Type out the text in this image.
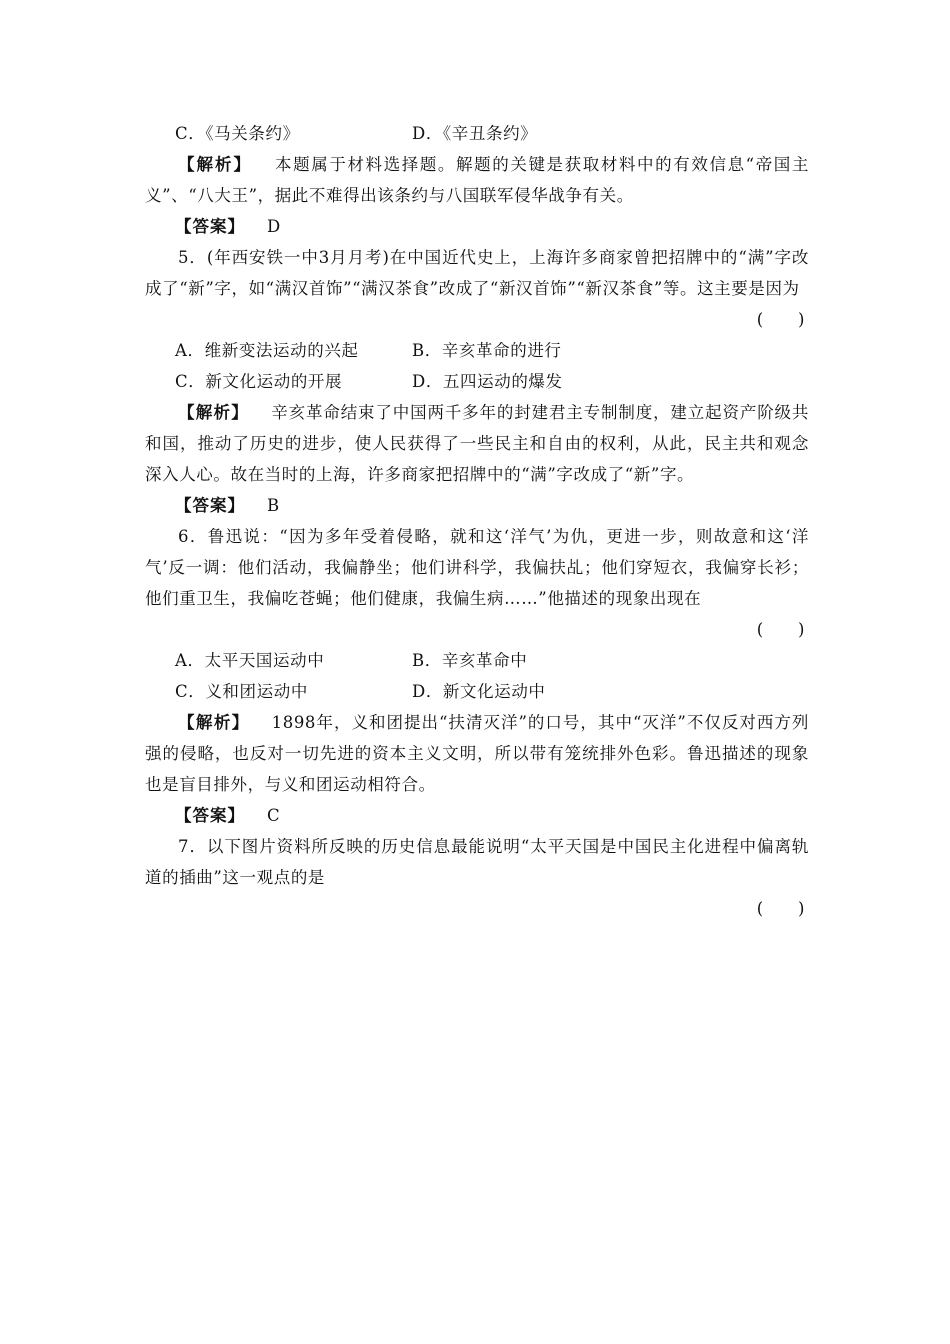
C．《马关条约》	D．《辛丑条约》
【解析】 本题属于材料选择题。解题的关键是获取材料中的有效信息“帝国主义”、“八大王”，据此不难得出该条约与八国联军侵华战争有关。
【答案】 D
5．(年西安铁一中3月月考)在中国近代史上，上海许多商家曾把招牌中的“满”字改成了“新”字，如“满汉首饰”“满汉茶食”改成了“新汉首饰”“新汉茶食”等。这主要是因为
(　　)
A．维新变法运动的兴起	B．辛亥革命的进行
C．新文化运动的开展	D．五四运动的爆发
【解析】 辛亥革命结束了中国两千多年的封建君主专制制度，建立起资产阶级共和国，推动了历史的进步，使人民获得了一些民主和自由的权利，从此，民主共和观念深入人心。故在当时的上海，许多商家把招牌中的“满”字改成了“新”字。
【答案】 B
6．鲁迅说：“因为多年受着侵略，就和这‘洋气’为仇，更进一步，则故意和这‘洋气’反一调：他们活动，我偏静坐；他们讲科学，我偏扶乩；他们穿短衣，我偏穿长衫；他们重卫生，我偏吃苍蝇；他们健康，我偏生病……”他描述的现象出现在
(　　)
A．太平天国运动中	B．辛亥革命中
C．义和团运动中	D．新文化运动中
【解析】 1898年，义和团提出“扶清灭洋”的口号，其中“灭洋”不仅反对西方列强的侵略，也反对一切先进的资本主义文明，所以带有笼统排外色彩。鲁迅描述的现象也是盲目排外，与义和团运动相符合。
【答案】 C
7．以下图片资料所反映的历史信息最能说明“太平天国是中国民主化进程中偏离轨道的插曲”这一观点的是
(　　)
